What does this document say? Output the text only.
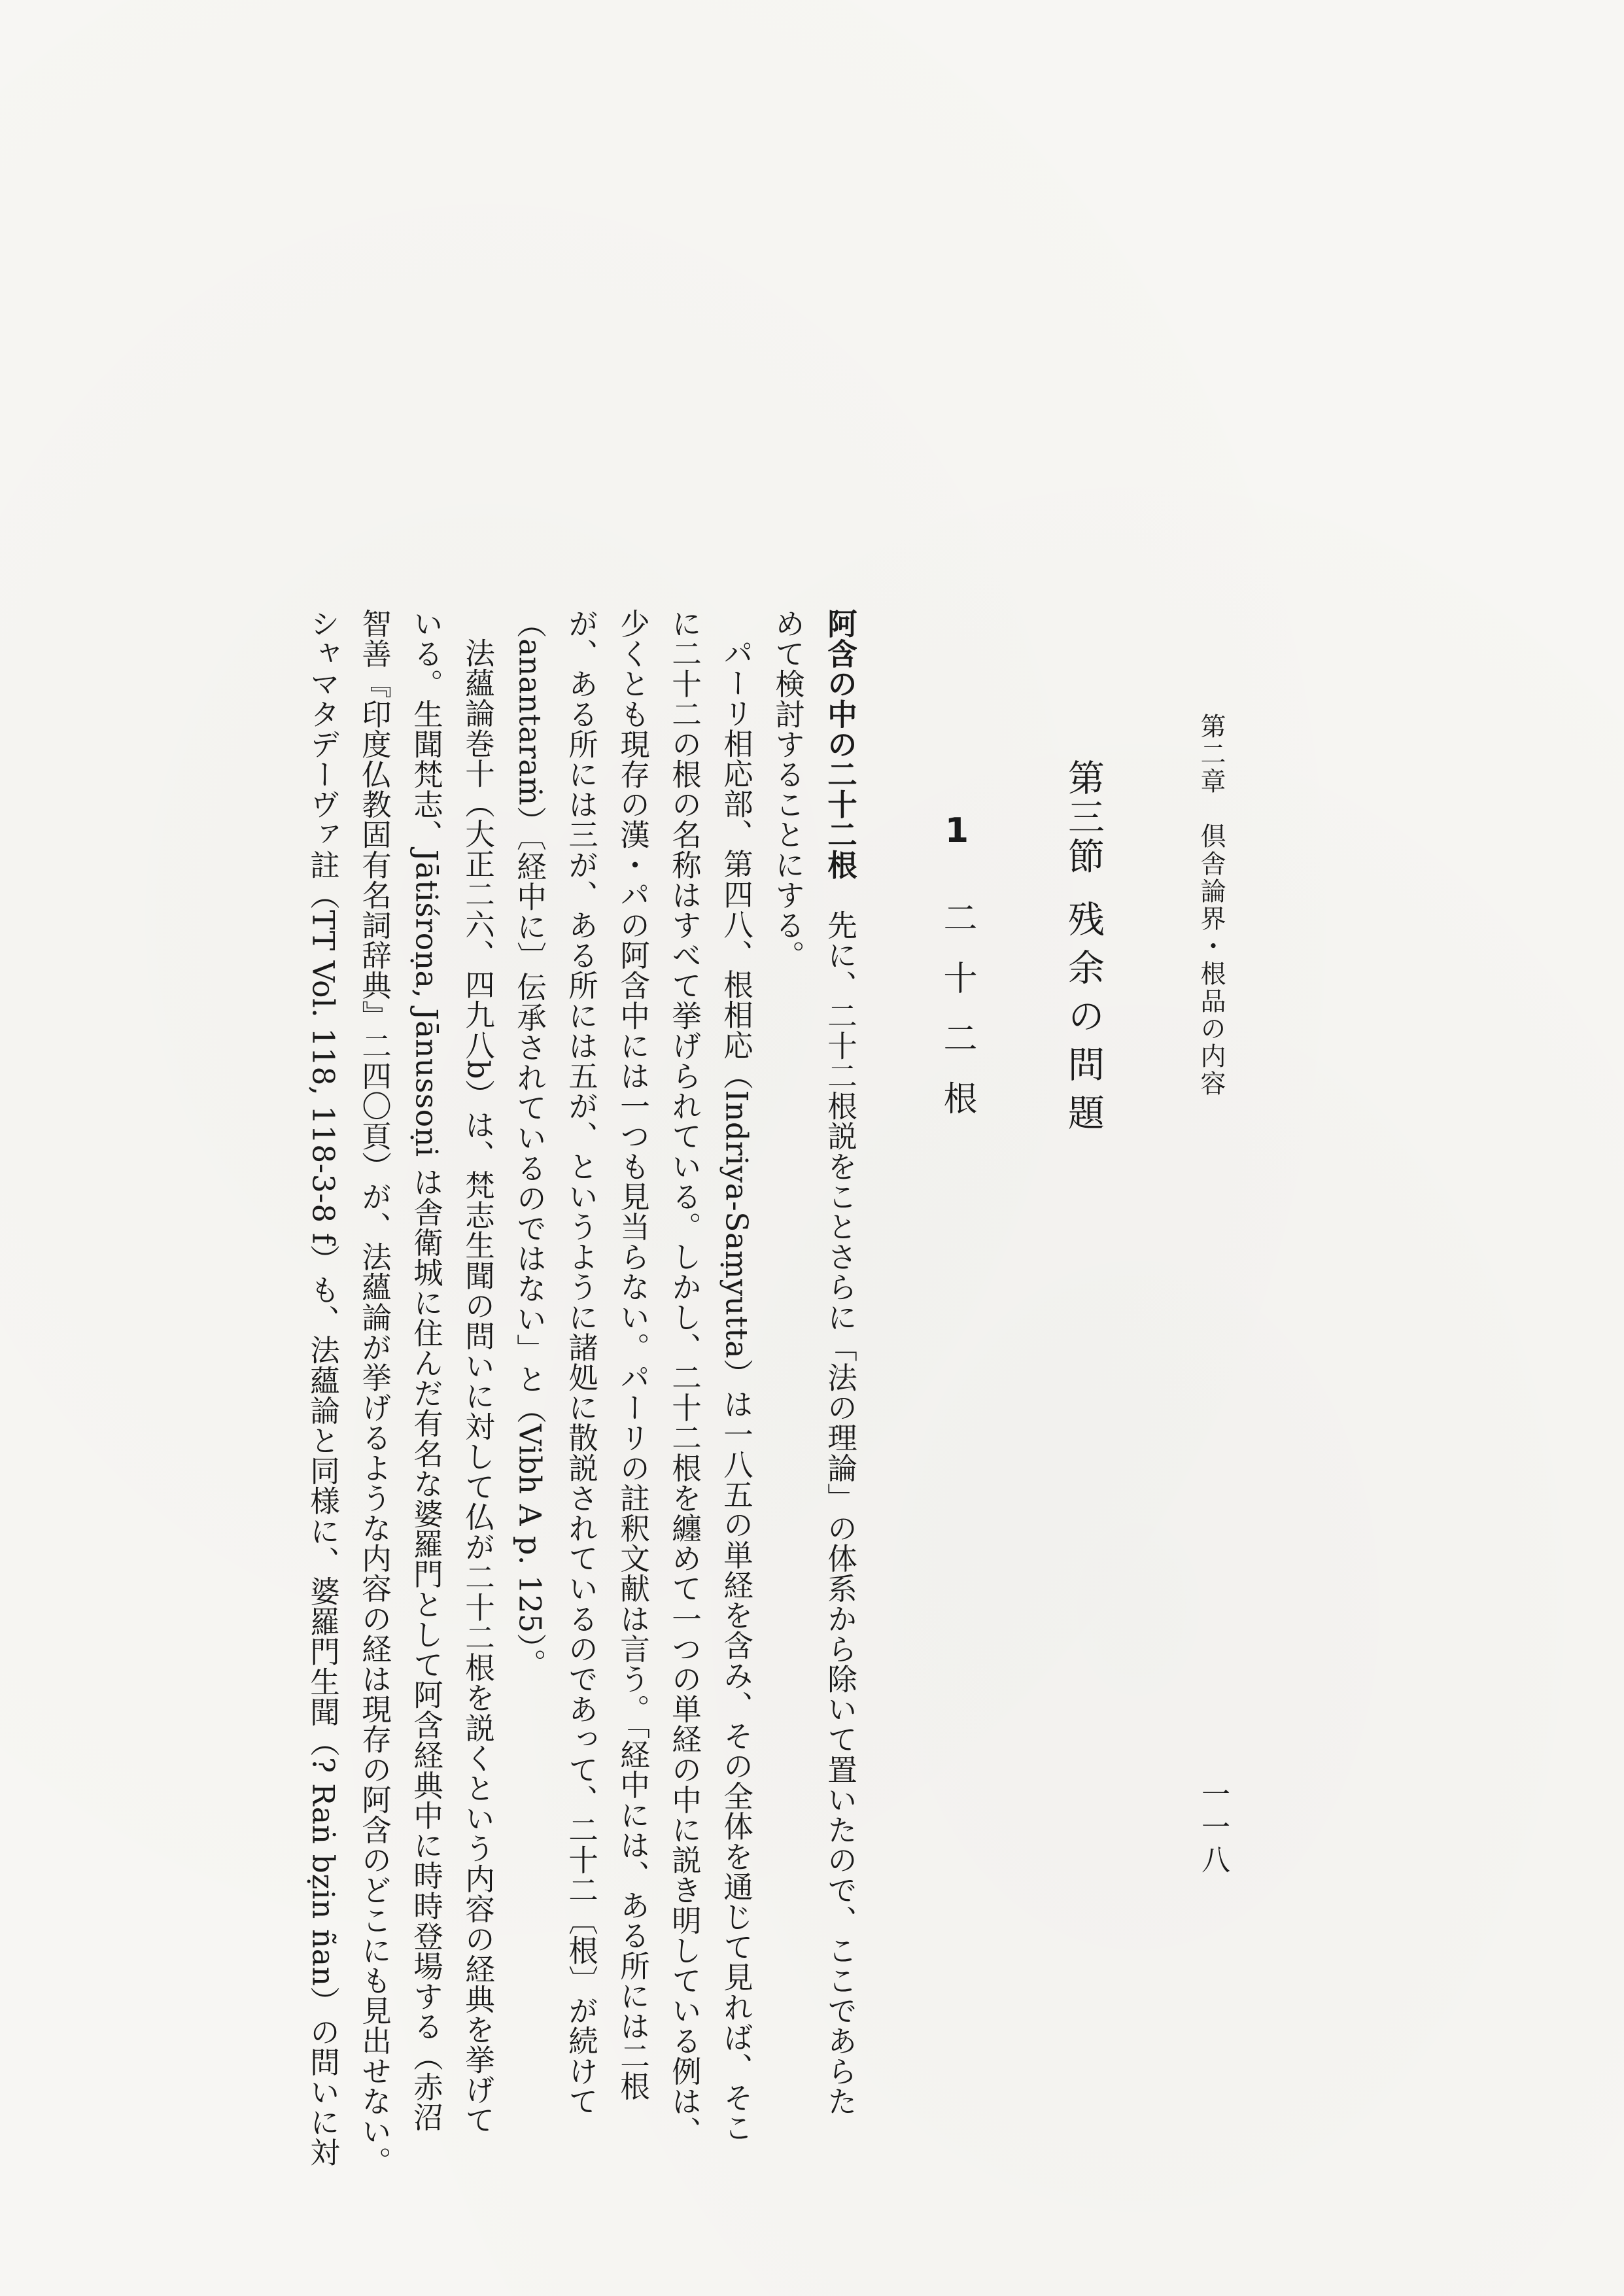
第二章　倶舎論界・根品の内容
一一八
第三節残余の問題
1二十二根
阿含の中の二十二根　先に、二十二根説をことさらに「法の理論」の体系から除いて置いたので、ここであらた
めて検討することにする。
パーリ相応部、第四八、根相応（Indriya-Saṃyutta）は一八五の単経を含み、その全体を通じて見れば、そこ
に二十二の根の名称はすべて挙げられている。しかし、二十二根を纏めて一つの単経の中に説き明している例は、
少くとも現存の漢・パの阿含中には一つも見当らない。パーリの註釈文献は言う。「経中には、ある所には二根
が、ある所には三が、ある所には五が、というように諸処に散説されているのであって、二十二〔根〕が続けて
（anantaraṁ）〔経中に〕伝承されているのではない」と（Vibh A p. 125）。
法蘊論巻十（大正二六、四九八b）は、梵志生聞の問いに対して仏が二十二根を説くという内容の経典を挙げて
いる。生聞梵志、Jātiśroṇa, Jānussoṇi は舎衛城に住んだ有名な婆羅門として阿含経典中に時時登場する（赤沼
智善『印度仏教固有名詞辞典』二四〇頁）が、法蘊論が挙げるような内容の経は現存の阿含のどこにも見出せない。
シャマタデーヴァ註（TT Vol. 118, 118-3-8 f）も、法蘊論と同様に、婆羅門生聞（? Raṅ bẓin ñan）の問いに対
